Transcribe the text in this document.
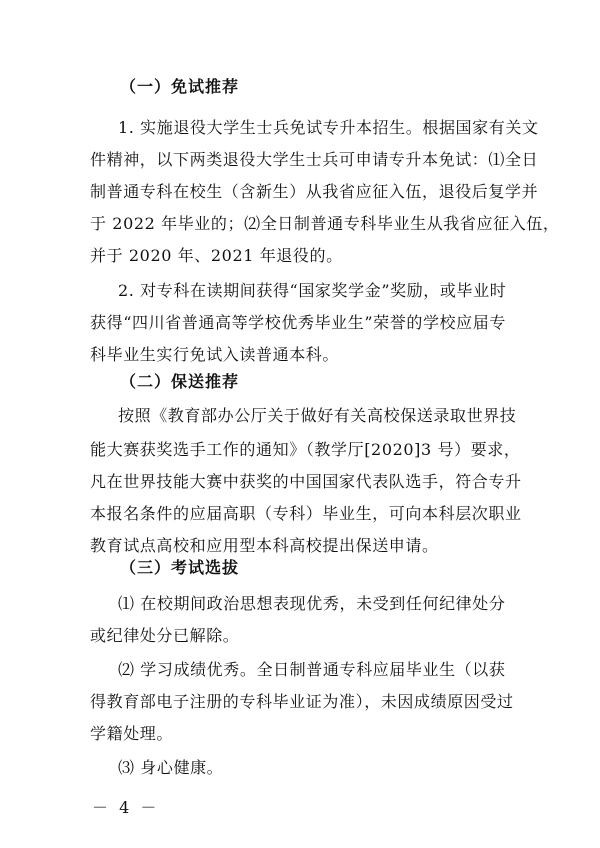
（一）免试推荐
1. 实施退役大学生士兵免试专升本招生。根据国家有关文
件精神，以下两类退役大学生士兵可申请专升本免试：⑴全日
制普通专科在校生（含新生）从我省应征入伍，退役后复学并
于 2022 年毕业的；⑵全日制普通专科毕业生从我省应征入伍，
并于 2020 年、2021 年退役的。
2. 对专科在读期间获得“国家奖学金”奖励，或毕业时
获得“四川省普通高等学校优秀毕业生”荣誉的学校应届专
科毕业生实行免试入读普通本科。
（二）保送推荐
按照《教育部办公厅关于做好有关高校保送录取世界技
能大赛获奖选手工作的通知》（教学厅[2020]3 号）要求，
凡在世界技能大赛中获奖的中国国家代表队选手，符合专升
本报名条件的应届高职（专科）毕业生，可向本科层次职业
教育试点高校和应用型本科高校提出保送申请。
（三）考试选拔
⑴ 在校期间政治思想表现优秀，未受到任何纪律处分
或纪律处分已解除。
⑵ 学习成绩优秀。全日制普通专科应届毕业生（以获
得教育部电子注册的专科毕业证为准），未因成绩原因受过
学籍处理。
⑶ 身心健康。
－ 4 －
